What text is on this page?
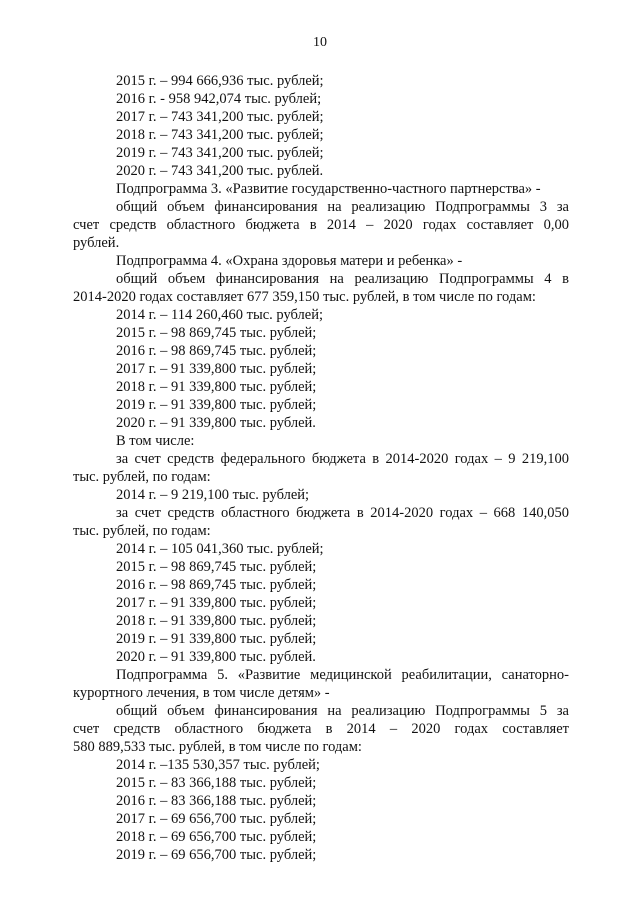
10
2015 г. – 994 666,936 тыс. рублей;
2016 г. - 958 942,074 тыс. рублей;
2017 г. – 743 341,200 тыс. рублей;
2018 г. – 743 341,200 тыс. рублей;
2019 г. – 743 341,200 тыс. рублей;
2020 г. – 743 341,200 тыс. рублей.
Подпрограмма 3. «Развитие государственно-частного партнерства» -
общий объем финансирования на реализацию Подпрограммы 3 за
счет средств областного бюджета в 2014 – 2020 годах составляет 0,00
рублей.
Подпрограмма 4. «Охрана здоровья матери и ребенка» -
общий объем финансирования на реализацию Подпрограммы 4 в
2014-2020 годах составляет 677 359,150 тыс. рублей, в том числе по годам:
2014 г. – 114 260,460 тыс. рублей;
2015 г. – 98 869,745 тыс. рублей;
2016 г. – 98 869,745 тыс. рублей;
2017 г. – 91 339,800 тыс. рублей;
2018 г. – 91 339,800 тыс. рублей;
2019 г. – 91 339,800 тыс. рублей;
2020 г. – 91 339,800 тыс. рублей.
В том числе:
за счет средств федерального бюджета в 2014-2020 годах – 9 219,100
тыс. рублей, по годам:
2014 г. – 9 219,100 тыс. рублей;
за счет средств областного бюджета в 2014-2020 годах – 668 140,050
тыс. рублей, по годам:
2014 г. – 105 041,360 тыс. рублей;
2015 г. – 98 869,745 тыс. рублей;
2016 г. – 98 869,745 тыс. рублей;
2017 г. – 91 339,800 тыс. рублей;
2018 г. – 91 339,800 тыс. рублей;
2019 г. – 91 339,800 тыс. рублей;
2020 г. – 91 339,800 тыс. рублей.
Подпрограмма 5. «Развитие медицинской реабилитации, санаторно-
курортного лечения, в том числе детям» -
общий объем финансирования на реализацию Подпрограммы 5 за
счет средств областного бюджета в 2014 – 2020 годах составляет
580 889,533 тыс. рублей, в том числе по годам:
2014 г. –135 530,357 тыс. рублей;
2015 г. – 83 366,188 тыс. рублей;
2016 г. – 83 366,188 тыс. рублей;
2017 г. – 69 656,700 тыс. рублей;
2018 г. – 69 656,700 тыс. рублей;
2019 г. – 69 656,700 тыс. рублей;
